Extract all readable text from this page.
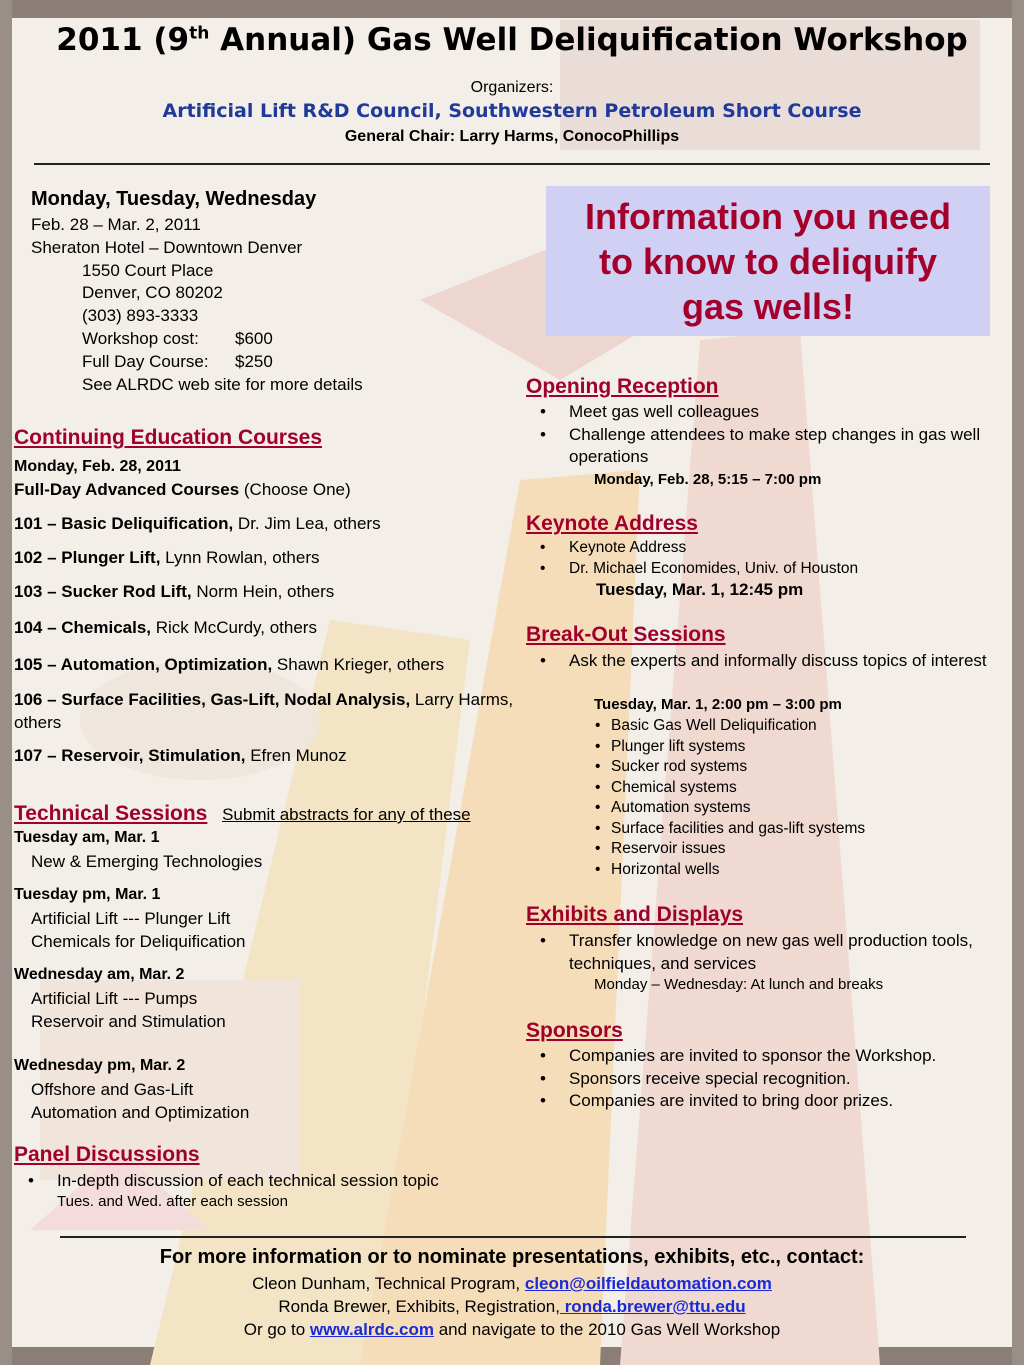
2011 (9th Annual) Gas Well Deliquification Workshop
Organizers:
Artificial Lift R&D Council, Southwestern Petroleum Short Course
General Chair: Larry Harms, ConocoPhillips
Monday, Tuesday, Wednesday
Feb. 28 – Mar. 2, 2011
Sheraton Hotel – Downtown Denver
1550 Court Place
Denver, CO 80202
(303) 893-3333
Workshop cost: $600
Full Day Course: $250
See ALRDC web site for more details
Information you need
to know to deliquify
gas wells!
Continuing Education Courses
Monday, Feb. 28, 2011
Full-Day Advanced Courses (Choose One)
101 – Basic Deliquification, Dr. Jim Lea, others
102 – Plunger Lift, Lynn Rowlan, others
103 – Sucker Rod Lift, Norm Hein, others
104 – Chemicals, Rick McCurdy, others
105 – Automation, Optimization, Shawn Krieger, others
106 – Surface Facilities, Gas-Lift, Nodal Analysis, Larry Harms, others
107 – Reservoir, Stimulation, Efren Munoz
Technical Sessions Submit abstracts for any of these
Tuesday am, Mar. 1
New & Emerging Technologies
Tuesday pm, Mar. 1
Artificial Lift --- Plunger Lift
Chemicals for Deliquification
Wednesday am, Mar. 2
Artificial Lift --- Pumps
Reservoir and Stimulation
Wednesday pm, Mar. 2
Offshore and Gas-Lift
Automation and Optimization
Panel Discussions
• In-depth discussion of each technical session topic
Tues. and Wed. after each session
Opening Reception
• Meet gas well colleagues
• Challenge attendees to make step changes in gas well operations
Monday, Feb. 28, 5:15 – 7:00 pm
Keynote Address
• Keynote Address
• Dr. Michael Economides, Univ. of Houston
Tuesday, Mar. 1, 12:45 pm
Break-Out Sessions
• Ask the experts and informally discuss topics of interest
Tuesday, Mar. 1, 2:00 pm – 3:00 pm
• Basic Gas Well Deliquification
• Plunger lift systems
• Sucker rod systems
• Chemical systems
• Automation systems
• Surface facilities and gas-lift systems
• Reservoir issues
• Horizontal wells
Exhibits and Displays
• Transfer knowledge on new gas well production tools, techniques, and services
Monday – Wednesday: At lunch and breaks
Sponsors
• Companies are invited to sponsor the Workshop.
• Sponsors receive special recognition.
• Companies are invited to bring door prizes.
For more information or to nominate presentations, exhibits, etc., contact:
Cleon Dunham, Technical Program, cleon@oilfieldautomation.com
Ronda Brewer, Exhibits, Registration, ronda.brewer@ttu.edu
Or go to www.alrdc.com and navigate to the 2010 Gas Well Workshop
